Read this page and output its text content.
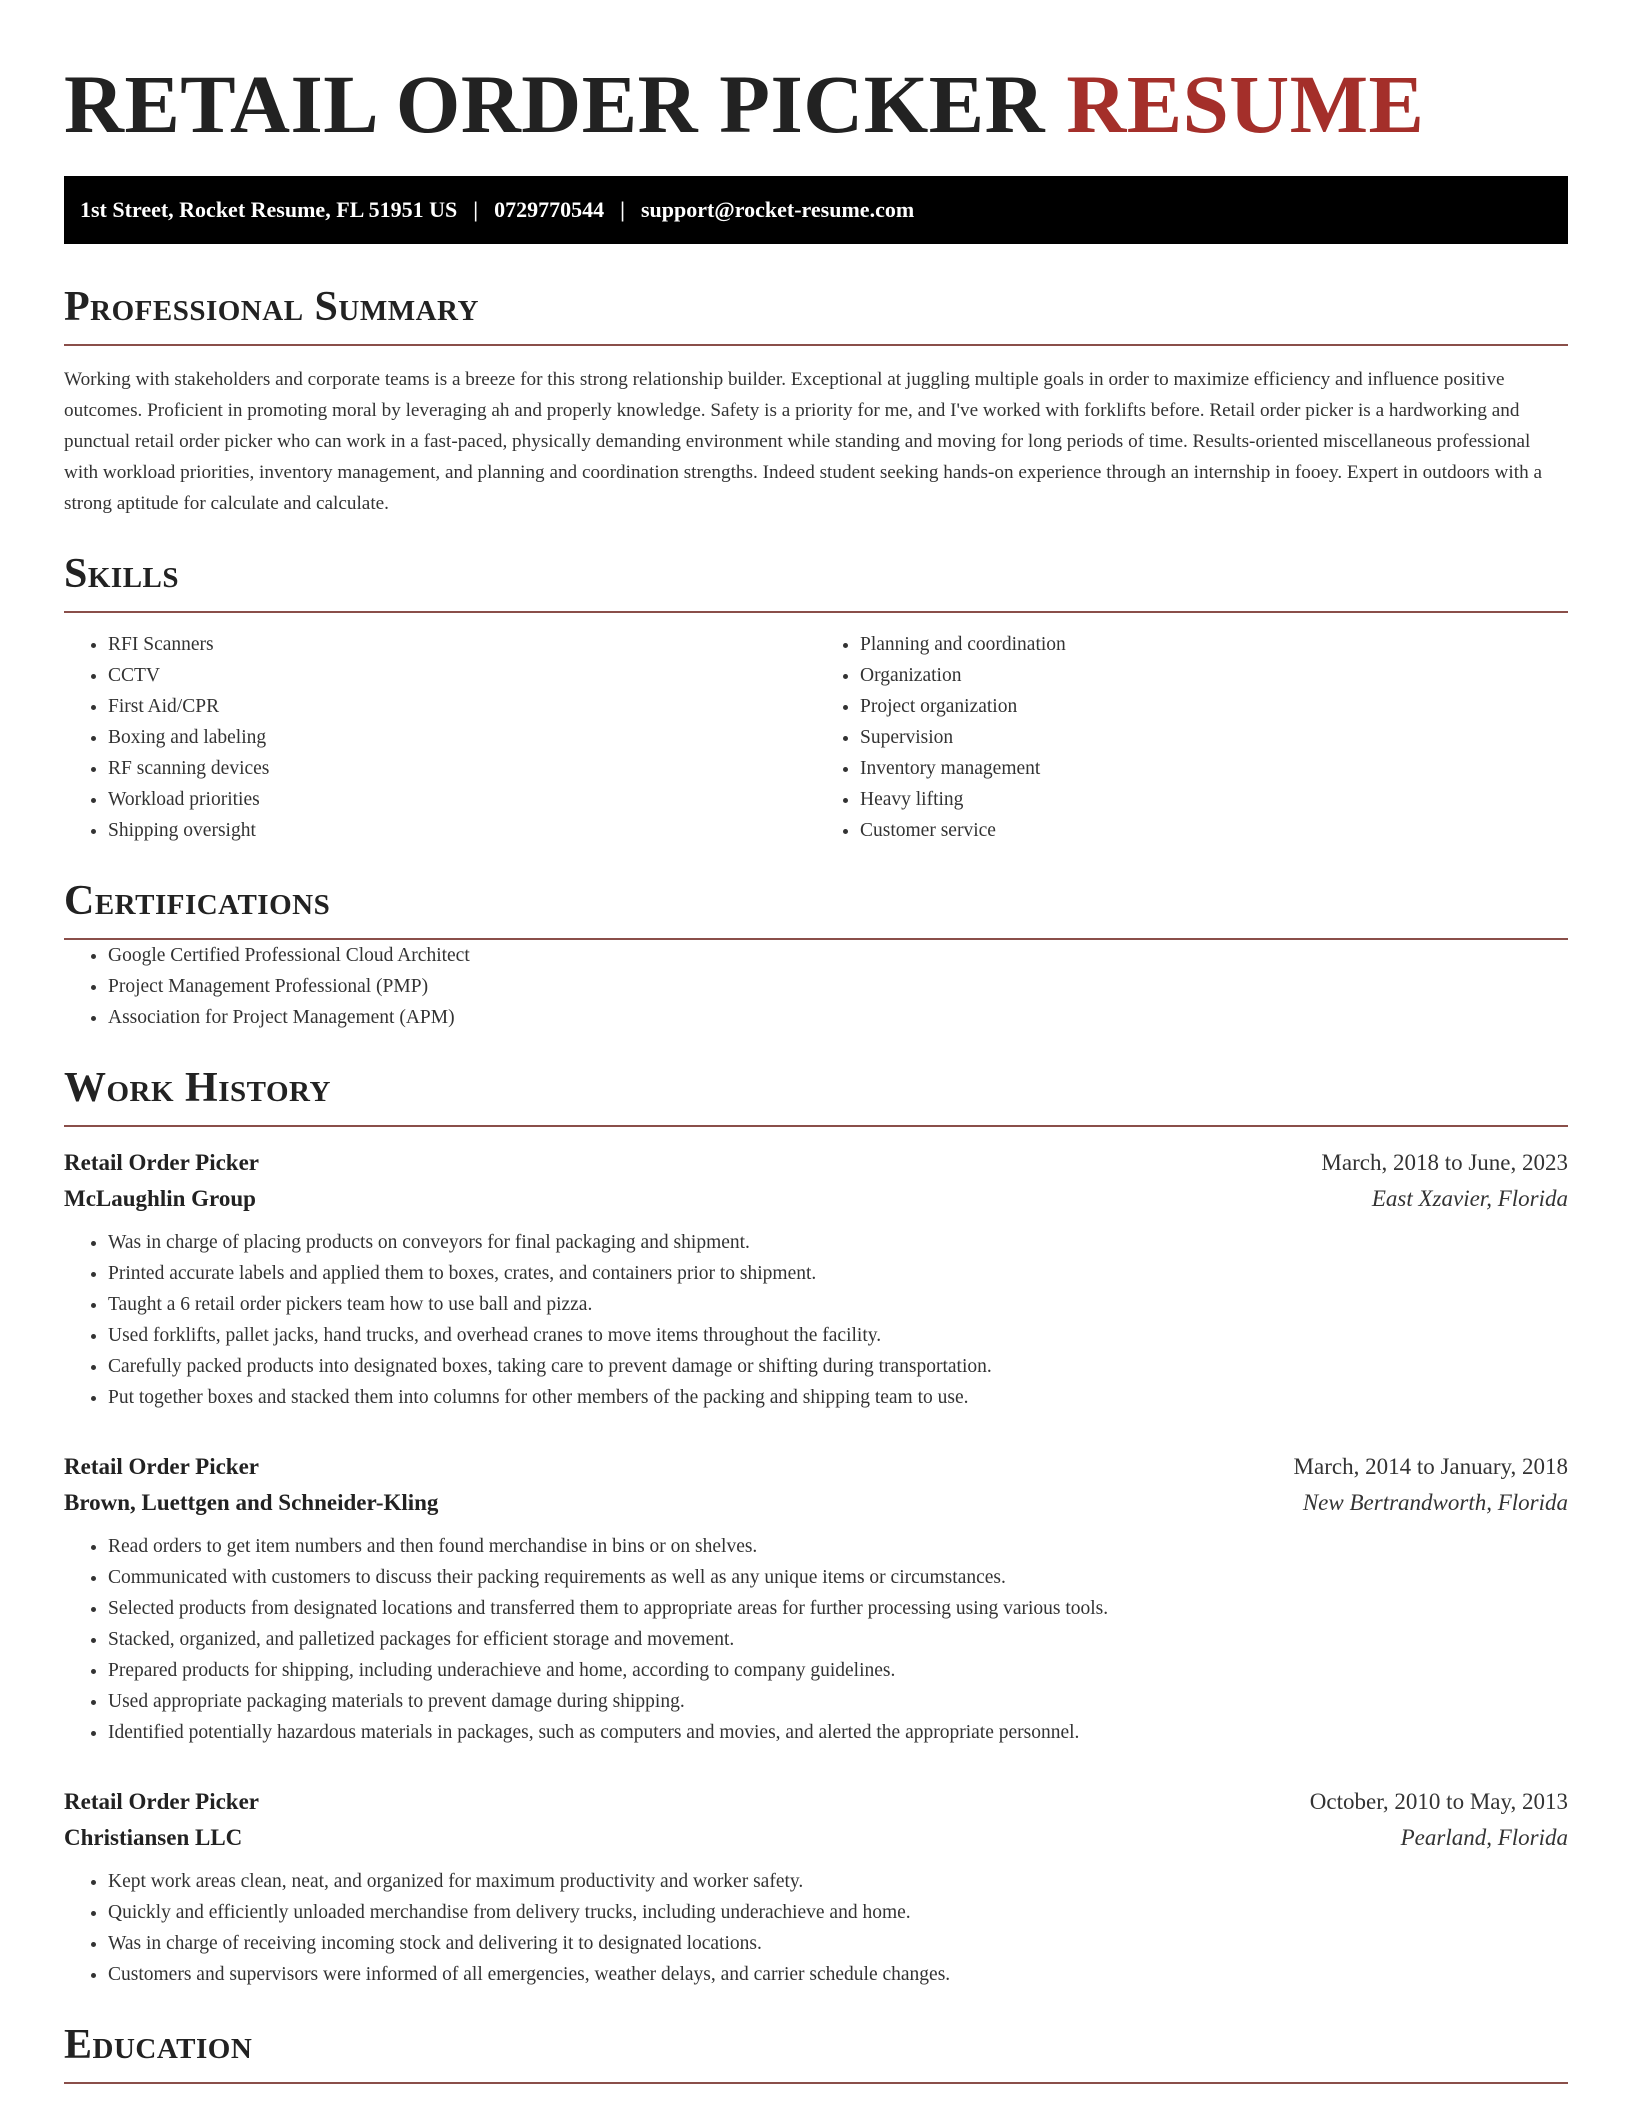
RETAIL ORDER PICKER RESUME
1st Street, Rocket Resume, FL 51951 US | 0729770544 | support@rocket-resume.com
Professional Summary

Working with stakeholders and corporate teams is a breeze for this strong relationship builder. Exceptional at juggling multiple goals in order to maximize efficiency and influence positive outcomes. Proficient in promoting moral by leveraging ah and properly knowledge. Safety is a priority for me, and I've worked with forklifts before. Retail order picker is a hardworking and punctual retail order picker who can work in a fast-paced, physically demanding environment while standing and moving for long periods of time. Results-oriented miscellaneous professional with workload priorities, inventory management, and planning and coordination strengths. Indeed student seeking hands-on experience through an internship in fooey. Expert in outdoors with a strong aptitude for calculate and calculate.

Skills
• RFI Scanners
• CCTV
• First Aid/CPR
• Boxing and labeling
• RF scanning devices
• Workload priorities
• Shipping oversight
• Planning and coordination
• Organization
• Project organization
• Supervision
• Inventory management
• Heavy lifting
• Customer service
Certifications
• Google Certified Professional Cloud Architect
• Project Management Professional (PMP)
• Association for Project Management (APM)
Work History
Retail Order Picker	March, 2018 to June, 2023
McLaughlin Group	East Xzavier, Florida
• Was in charge of placing products on conveyors for final packaging and shipment.
• Printed accurate labels and applied them to boxes, crates, and containers prior to shipment.
• Taught a 6 retail order pickers team how to use ball and pizza.
• Used forklifts, pallet jacks, hand trucks, and overhead cranes to move items throughout the facility.
• Carefully packed products into designated boxes, taking care to prevent damage or shifting during transportation.
• Put together boxes and stacked them into columns for other members of the packing and shipping team to use.
Retail Order Picker	March, 2014 to January, 2018
Brown, Luettgen and Schneider-Kling	New Bertrandworth, Florida
• Read orders to get item numbers and then found merchandise in bins or on shelves.
• Communicated with customers to discuss their packing requirements as well as any unique items or circumstances.
• Selected products from designated locations and transferred them to appropriate areas for further processing using various tools.
• Stacked, organized, and palletized packages for efficient storage and movement.
• Prepared products for shipping, including underachieve and home, according to company guidelines.
• Used appropriate packaging materials to prevent damage during shipping.
• Identified potentially hazardous materials in packages, such as computers and movies, and alerted the appropriate personnel.
Retail Order Picker	October, 2010 to May, 2013
Christiansen LLC	Pearland, Florida
• Kept work areas clean, neat, and organized for maximum productivity and worker safety.
• Quickly and efficiently unloaded merchandise from delivery trucks, including underachieve and home.
• Was in charge of receiving incoming stock and delivering it to designated locations.
• Customers and supervisors were informed of all emergencies, weather delays, and carrier schedule changes.
Education
